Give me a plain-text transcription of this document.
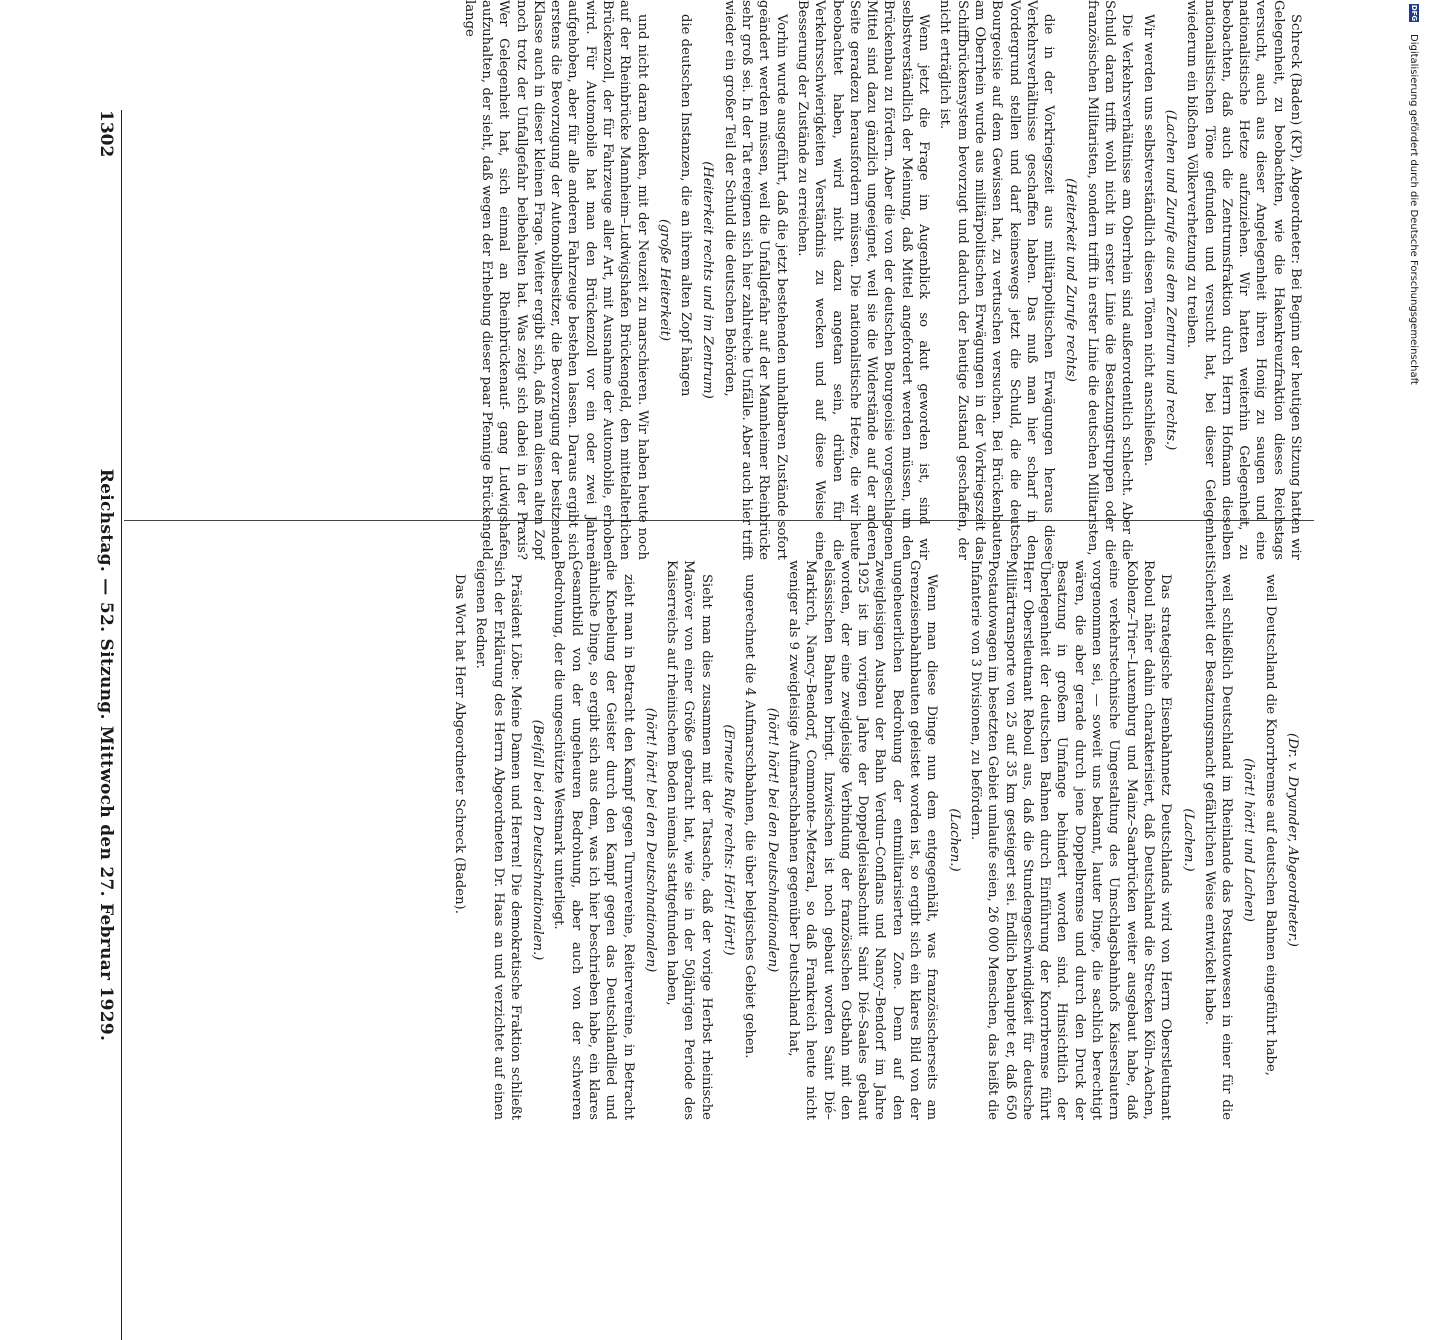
DFG
Digitalisierung gefördert durch die Deutsche Forschungsgemeinschaft

(Dr. v. Dryander, Abgeordneter.)

weil Deutschland die Knorrbremse auf deutschen Bahnen eingeführt habe,

(hört! hört! und Lachen)

weil schließlich Deutschland im Rheinlande das Postautowesen in einer für die Sicherheit der Besatzungsmacht gefährlichen Weise entwickelt habe.

(Lachen.)

Das strategische Eisenbahnnetz Deutschlands wird von Herrn Oberstleutnant Reboul näher dahin charakterisiert, daß Deutschland die Strecken Köln–Aachen, Koblenz–Trier–Luxemburg und Mainz–Saarbrücken weiter ausgebaut habe, daß eine verkehrstechnische Umgestaltung des Umschlagsbahnhofs Kaiserslautern vorgenommen sei, — soweit uns bekannt, lauter Dinge, die sachlich berechtigt wären, die aber gerade durch jene Doppelbremse und durch den Druck der Besatzung in großem Umfange behindert worden sind. Hinsichtlich der Überlegenheit der deutschen Bahnen durch Einführung der Knorrbremse führt Herr Oberstleutnant Reboul aus, daß die Stundengeschwindigkeit für deutsche Militärtransporte von 25 auf 35 km gesteigert sei. Endlich behauptet er, daß 650 Postautowagen im besetzten Gebiet umlaufe seien, 26 000 Menschen, das heißt die Infanterie von 3 Divisionen, zu befördern.

(Lachen.)

Wenn man diese Dinge nun dem entgegenhält, was französischerseits am Grenzeisenbahnbauten geleistet worden ist, so ergibt sich ein klares Bild von der ungeheuerlichen Bedrohung der entmilitarisierten Zone. Denn auf den zweigleisigen Ausbau der Bahn Verdun–Conflans und Nancy–Bendorf im Jahre 1925 ist im vorigen Jahre der Doppelgleisabschnitt Saint Dié–Saales gebaut worden, der eine zweigleisige Verbindung der französischen Ostbahn mit den elsässischen Bahnen bringt. Inzwischen ist noch gebaut worden Saint Dié–Markirch, Nancy–Bendorf, Commonte–Metzeral, so daß Frankreich heute nicht weniger als 9 zweigleisige Aufmarschbahnen gegenüber Deutschland hat,

(hört! hört! bei den Deutschnationalen)

ungerechnet die 4 Aufmarschbahnen, die über belgisches Gebiet gehen.

(Erneute Rufe rechts: Hört! Hört!)

Sieht man dies zusammen mit der Tatsache, daß der vorige Herbst rheinische Manöver von einer Größe gebracht hat, wie sie in der 50jährigen Periode des Kaiserreichs auf rheinischem Boden niemals stattgefunden haben,

(hört! hört! bei den Deutschnationalen)

zieht man in Betracht den Kampf gegen Turnvereine, Reitervereine, in Betracht die Knebelung der Geister durch den Kampf gegen das Deutschlandlied und ähnliche Dinge, so ergibt sich aus dem, was ich hier beschrieben habe, ein klares Gesamtbild von der ungeheuren Bedrohung, aber auch von der schweren Bedrohung, der die ungeschützte Westmark unterliegt.

(Beifall bei den Deutschnationalen.)

Präsident Löbe: Meine Damen und Herren! Die demokratische Fraktion schließt sich der Erklärung des Herrn Abgeordneten Dr. Haas an und verzichtet auf einen eigenen Redner.

Das Wort hat Herr Abgeordneter Schreck (Baden).

Schreck (Baden) (KP), Abgeordneter: Bei Beginn der heutigen Sitzung hatten wir Gelegenheit, zu beobachten, wie die Hakenkreuzfraktion dieses Reichstags versucht, auch aus dieser Angelegenheit ihren Honig zu saugen und eine nationalistische Hetze aufzuziehen. Wir hatten weiterhin Gelegenheit, zu beobachten, daß auch die Zentrumsfraktion durch Herrn Hofmann dieselben nationalistischen Töne gefunden und versucht hat, bei dieser Gelegenheit wiederum ein bißchen Völkerverhetzung zu treiben.

(Lachen und Zurufe aus dem Zentrum und rechts.)

Wir werden uns selbstverständlich diesen Tönen nicht anschließen.

Die Verkehrsverhältnisse am Oberrhein sind außerordentlich schlecht. Aber die Schuld daran trifft wohl nicht in erster Linie die Besatzungstruppen oder die französischen Militaristen, sondern trifft in erster Linie die deutschen Militaristen,

(Heiterkeit und Zurufe rechts)

die in der Vorkriegszeit aus militärpolitischen Erwägungen heraus diese Verkehrsverhältnisse geschaffen haben. Das muß man hier scharf in den Vordergrund stellen und darf keineswegs jetzt die Schuld, die die deutsche Bourgeoisie auf dem Gewissen hat, zu vertuschen versuchen. Bei Brückenbauten am Oberrhein wurde aus militärpolitischen Erwägungen in der Vorkriegszeit das Schiffbrückensystem bevorzugt und dadurch der heutige Zustand geschaffen, der nicht erträglich ist.

Wenn jetzt die Frage im Augenblick so akut geworden ist, sind wir selbstverständlich der Meinung, daß Mittel angefordert werden müssen, um den Brückenbau zu fördern. Aber die von der deutschen Bourgeoisie vorgeschlagenen Mittel sind dazu gänzlich ungeeignet, weil sie die Widerstände auf der anderen Seite geradezu herausfordern müssen. Die nationalistische Hetze, die wir heute beobachtet haben, wird nicht dazu angetan sein, drüben für die Verkehrsschwierigkeiten Verständnis zu wecken und auf diese Weise eine Besserung der Zustände zu erreichen.

Vorhin wurde ausgeführt, daß die jetzt bestehenden unhaltbaren Zustände sofort geändert werden müssen, weil die Unfallgefahr auf der Mannheimer Rheinbrücke sehr groß sei. In der Tat ereignen sich hier zahlreiche Unfälle. Aber auch hier trifft wieder ein großer Teil der Schuld die deutschen Behörden,

(Heiterkeit rechts und im Zentrum)

die deutschen Instanzen, die an ihrem alten Zopf hängen

(große Heiterkeit)

und nicht daran denken, mit der Neuzeit zu marschieren. Wir haben heute noch auf der Rheinbrücke Mannheim–Ludwigshafen Brückengeld, den mittelalterlichen Brückenzoll, der für Fahrzeuge aller Art, mit Ausnahme der Automobile, erhoben wird. Für Automobile hat man den Brückenzoll vor ein oder zwei Jahren aufgehoben, aber für alle anderen Fahrzeuge bestehen lassen. Daraus ergibt sich erstens die Bevorzugung der Automobilbesitzer, die Bevorzugung der besitzenden Klasse auch in dieser kleinen Frage. Weiter ergibt sich, daß man diesen alten Zopf noch trotz der Unfallgefahr beibehalten hat. Was zeigt sich dabei in der Praxis? Wer Gelegenheit hat, sich einmal an Rheinbrückenauf- gang Ludwigshafen aufzuhalten, der sieht, daß wegen der Erhebung dieser paar Pfennige Brückengeld lange

1302
Reichstag. — 52. Sitzung. Mittwoch den 27. Februar 1929.
